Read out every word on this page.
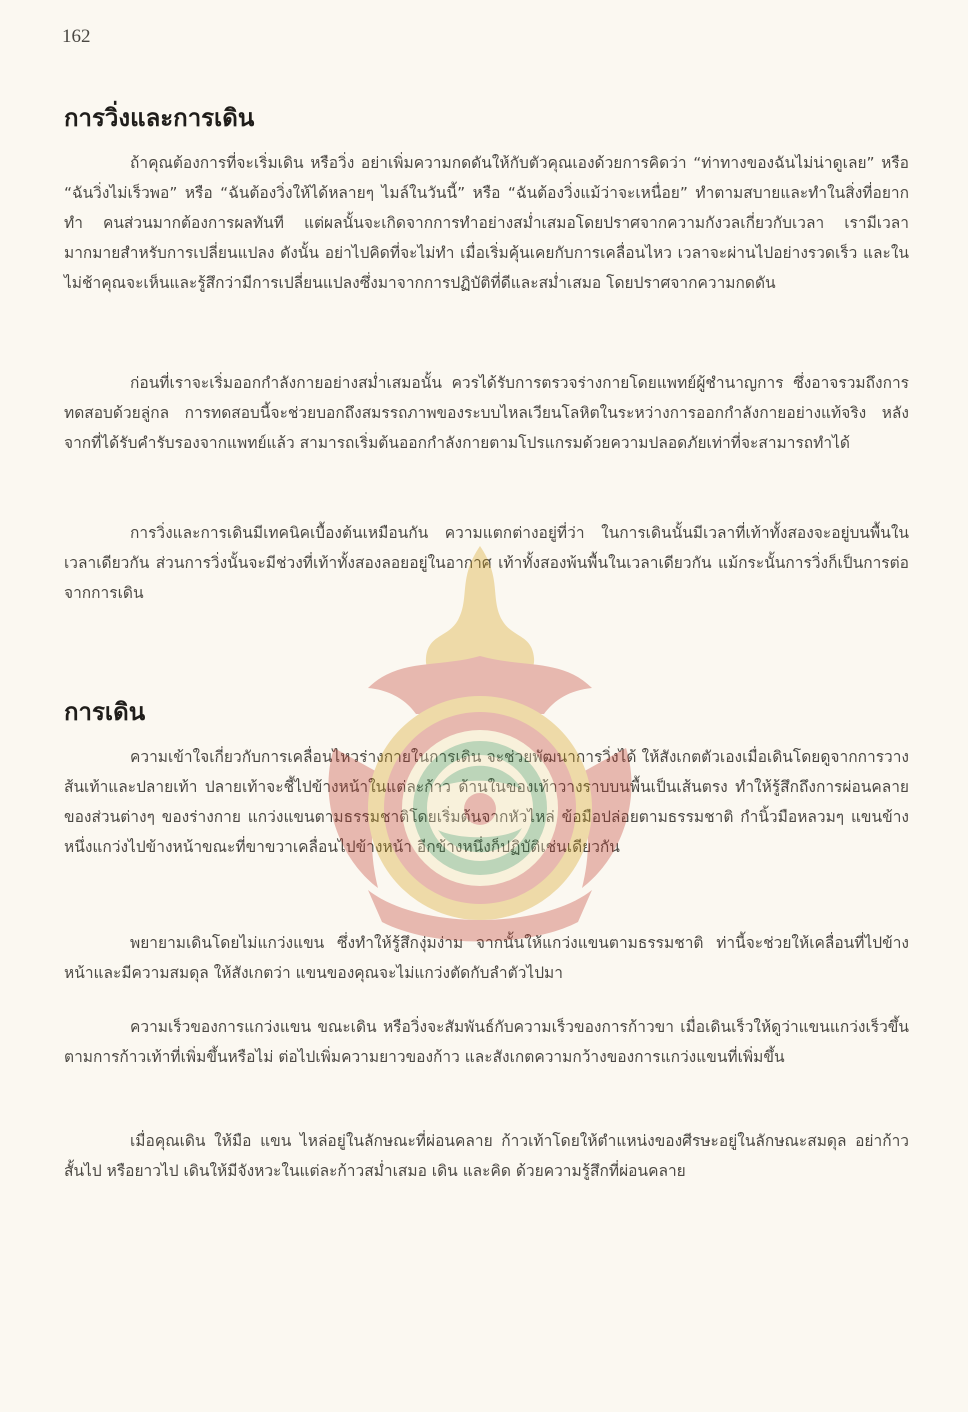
162
การวิ่งและการเดิน

ถ้าคุณต้องการที่จะเริ่มเดิน หรือวิ่ง อย่าเพิ่มความกดดันให้กับตัวคุณเองด้วยการคิดว่า “ท่าทางของฉันไม่น่าดูเลย” หรือ “ฉันวิ่งไม่เร็วพอ” หรือ “ฉันต้องวิ่งให้ได้หลายๆ ไมล์ในวันนี้” หรือ “ฉันต้องวิ่งแม้ว่าจะเหนื่อย” ทำตามสบายและทำในสิ่งที่อยากทำ คนส่วนมากต้องการผลทันที แต่ผลนั้นจะเกิดจากการทำอย่างสม่ำเสมอโดยปราศจากความกังวลเกี่ยวกับเวลา เรามีเวลามากมายสำหรับการเปลี่ยนแปลง ดังนั้น อย่าไปคิดที่จะไม่ทำ เมื่อเริ่มคุ้นเคยกับการเคลื่อนไหว เวลาจะผ่านไปอย่างรวดเร็ว และในไม่ช้าคุณจะเห็นและรู้สึกว่ามีการเปลี่ยนแปลงซึ่งมาจากการปฏิบัติที่ดีและสม่ำเสมอ โดยปราศจากความกดดัน

ก่อนที่เราจะเริ่มออกกำลังกายอย่างสม่ำเสมอนั้น ควรได้รับการตรวจร่างกายโดยแพทย์ผู้ชำนาญการ ซึ่งอาจรวมถึงการทดสอบด้วยลู่กล การทดสอบนี้จะช่วยบอกถึงสมรรถภาพของระบบไหลเวียนโลหิตในระหว่างการออกกำลังกายอย่างแท้จริง หลังจากที่ได้รับคำรับรองจากแพทย์แล้ว สามารถเริ่มต้นออกกำลังกายตามโปรแกรมด้วยความปลอดภัยเท่าที่จะสามารถทำได้

การวิ่งและการเดินมีเทคนิคเบื้องต้นเหมือนกัน ความแตกต่างอยู่ที่ว่า ในการเดินนั้นมีเวลาที่เท้าทั้งสองจะอยู่บนพื้นในเวลาเดียวกัน ส่วนการวิ่งนั้นจะมีช่วงที่เท้าทั้งสองลอยอยู่ในอากาศ เท้าทั้งสองพ้นพื้นในเวลาเดียวกัน แม้กระนั้นการวิ่งก็เป็นการต่อจากการเดิน

การเดิน

ความเข้าใจเกี่ยวกับการเคลื่อนไหวร่างกายในการเดิน จะช่วยพัฒนาการวิ่งได้ ให้สังเกตตัวเองเมื่อเดินโดยดูจากการวางส้นเท้าและปลายเท้า ปลายเท้าจะชี้ไปข้างหน้าในแต่ละก้าว ด้านในของเท้าวางราบบนพื้นเป็นเส้นตรง ทำให้รู้สึกถึงการผ่อนคลายของส่วนต่างๆ ของร่างกาย แกว่งแขนตามธรรมชาติโดยเริ่มต้นจากหัวไหล่ ข้อมือปล่อยตามธรรมชาติ กำนิ้วมือหลวมๆ แขนข้างหนึ่งแกว่งไปข้างหน้าขณะที่ขาขวาเคลื่อนไปข้างหน้า อีกข้างหนึ่งก็ปฏิบัติเช่นเดียวกัน

พยายามเดินโดยไม่แกว่งแขน ซึ่งทำให้รู้สึกงุ่มง่าม จากนั้นให้แกว่งแขนตามธรรมชาติ ท่านี้จะช่วยให้เคลื่อนที่ไปข้างหน้าและมีความสมดุล ให้สังเกตว่า แขนของคุณจะไม่แกว่งตัดกับลำตัวไปมา

ความเร็วของการแกว่งแขน ขณะเดิน หรือวิ่งจะสัมพันธ์กับความเร็วของการก้าวขา เมื่อเดินเร็วให้ดูว่าแขนแกว่งเร็วขึ้นตามการก้าวเท้าที่เพิ่มขึ้นหรือไม่ ต่อไปเพิ่มความยาวของก้าว และสังเกตความกว้างของการแกว่งแขนที่เพิ่มขึ้น

เมื่อคุณเดิน ให้มือ แขน ไหล่อยู่ในลักษณะที่ผ่อนคลาย ก้าวเท้าโดยให้ตำแหน่งของศีรษะอยู่ในลักษณะสมดุล อย่าก้าวสั้นไป หรือยาวไป เดินให้มีจังหวะในแต่ละก้าวสม่ำเสมอ เดิน และคิด ด้วยความรู้สึกที่ผ่อนคลาย
